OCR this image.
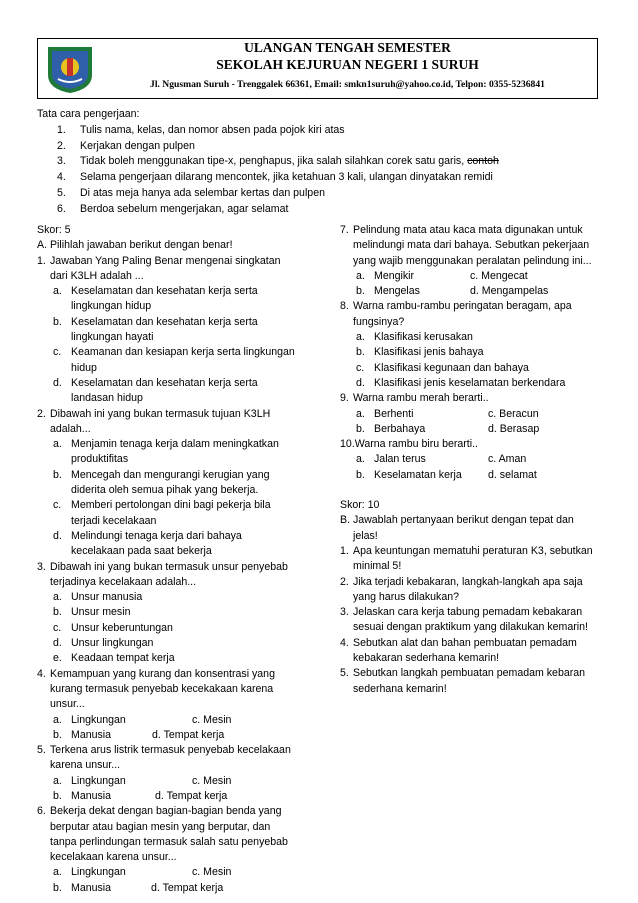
ULANGAN TENGAH SEMESTER
SEKOLAH KEJURUAN NEGERI 1 SURUH
Jl. Ngusman Suruh - Trenggalek 66361, Email: smkn1suruh@yahoo.co.id, Telpon: 0355-5236841
Tata cara pengerjaan:
1. Tulis nama, kelas, dan nomor absen pada pojok kiri atas
2. Kerjakan dengan pulpen
3. Tidak boleh menggunakan tipe-x, penghapus, jika salah silahkan corek satu garis, contoh
4. Selama pengerjaan dilarang mencontek, jika ketahuan 3 kali, ulangan dinyatakan remidi
5. Di atas meja hanya ada selembar kertas dan pulpen
6. Berdoa sebelum mengerjakan, agar selamat
Skor: 5
A. Pilihlah jawaban berikut dengan benar!
1. Jawaban Yang Paling Benar mengenai singkatan
dari K3LH adalah ...
a. Keselamatan dan kesehatan kerja serta
lingkungan hidup
b. Keselamatan dan kesehatan kerja serta
lingkungan hayati
c. Keamanan dan kesiapan kerja serta lingkungan
hidup
d. Keselamatan dan kesehatan kerja serta
landasan hidup
2. Dibawah ini yang bukan termasuk tujuan K3LH
adalah...
a. Menjamin tenaga kerja dalam meningkatkan
produktifitas
b. Mencegah dan mengurangi kerugian yang
diderita oleh semua pihak yang bekerja.
c. Memberi pertolongan dini bagi pekerja bila
terjadi kecelakaan
d. Melindungi tenaga kerja dari bahaya
kecelakaan pada saat bekerja
3. Dibawah ini yang bukan termasuk unsur penyebab
terjadinya kecelakaan adalah...
a. Unsur manusia
b. Unsur mesin
c. Unsur keberuntungan
d. Unsur lingkungan
e. Keadaan tempat kerja
4. Kemampuan yang kurang dan konsentrasi yang
kurang termasuk penyebab kecekakaan karena
unsur...
a. Lingkungan	c. Mesin

b. Manusia	d. Tempat kerja

5. Terkena arus listrik termasuk penyebab kecelakaan
karena unsur...
a. Lingkungan	c. Mesin

b. Manusia	d. Tempat kerja

6. Bekerja dekat dengan bagian-bagian benda yang
berputar atau bagian mesin yang berputar, dan
tanpa perlindungan termasuk salah satu penyebab
kecelakaan karena unsur...
a. Lingkungan	c. Mesin

b. Manusia	d. Tempat kerja

7. Pelindung mata atau kaca mata digunakan untuk
melindungi mata dari bahaya. Sebutkan pekerjaan
yang wajib menggunakan peralatan pelindung ini...
a. Mengikir	c. Mengecat

b. Mengelas	d. Mengampelas

8. Warna rambu-rambu peringatan beragam, apa
fungsinya?
a. Klasifikasi kerusakan
b. Klasifikasi jenis bahaya
c. Klasifikasi kegunaan dan bahaya
d. Klasifikasi jenis keselamatan berkendara
9. Warna rambu merah berarti..
a. Berhenti	c. Beracun

b. Berbahaya	d. Berasap

10.Warna rambu biru berarti..
a. Jalan terus	c. Aman

b. Keselamatan kerja d. selamat

Skor: 10
B. Jawablah pertanyaan berikut dengan tepat dan
jelas!
1. Apa keuntungan mematuhi peraturan K3, sebutkan
minimal 5!
2. Jika terjadi kebakaran, langkah-langkah apa saja
yang harus dilakukan?
3. Jelaskan cara kerja tabung pemadam kebakaran
sesuai dengan praktikum yang dilakukan kemarin!
4. Sebutkan alat dan bahan pembuatan pemadam
kebakaran sederhana kemarin!
5. Sebutkan langkah pembuatan pemadam kebaran
sederhana kemarin!
